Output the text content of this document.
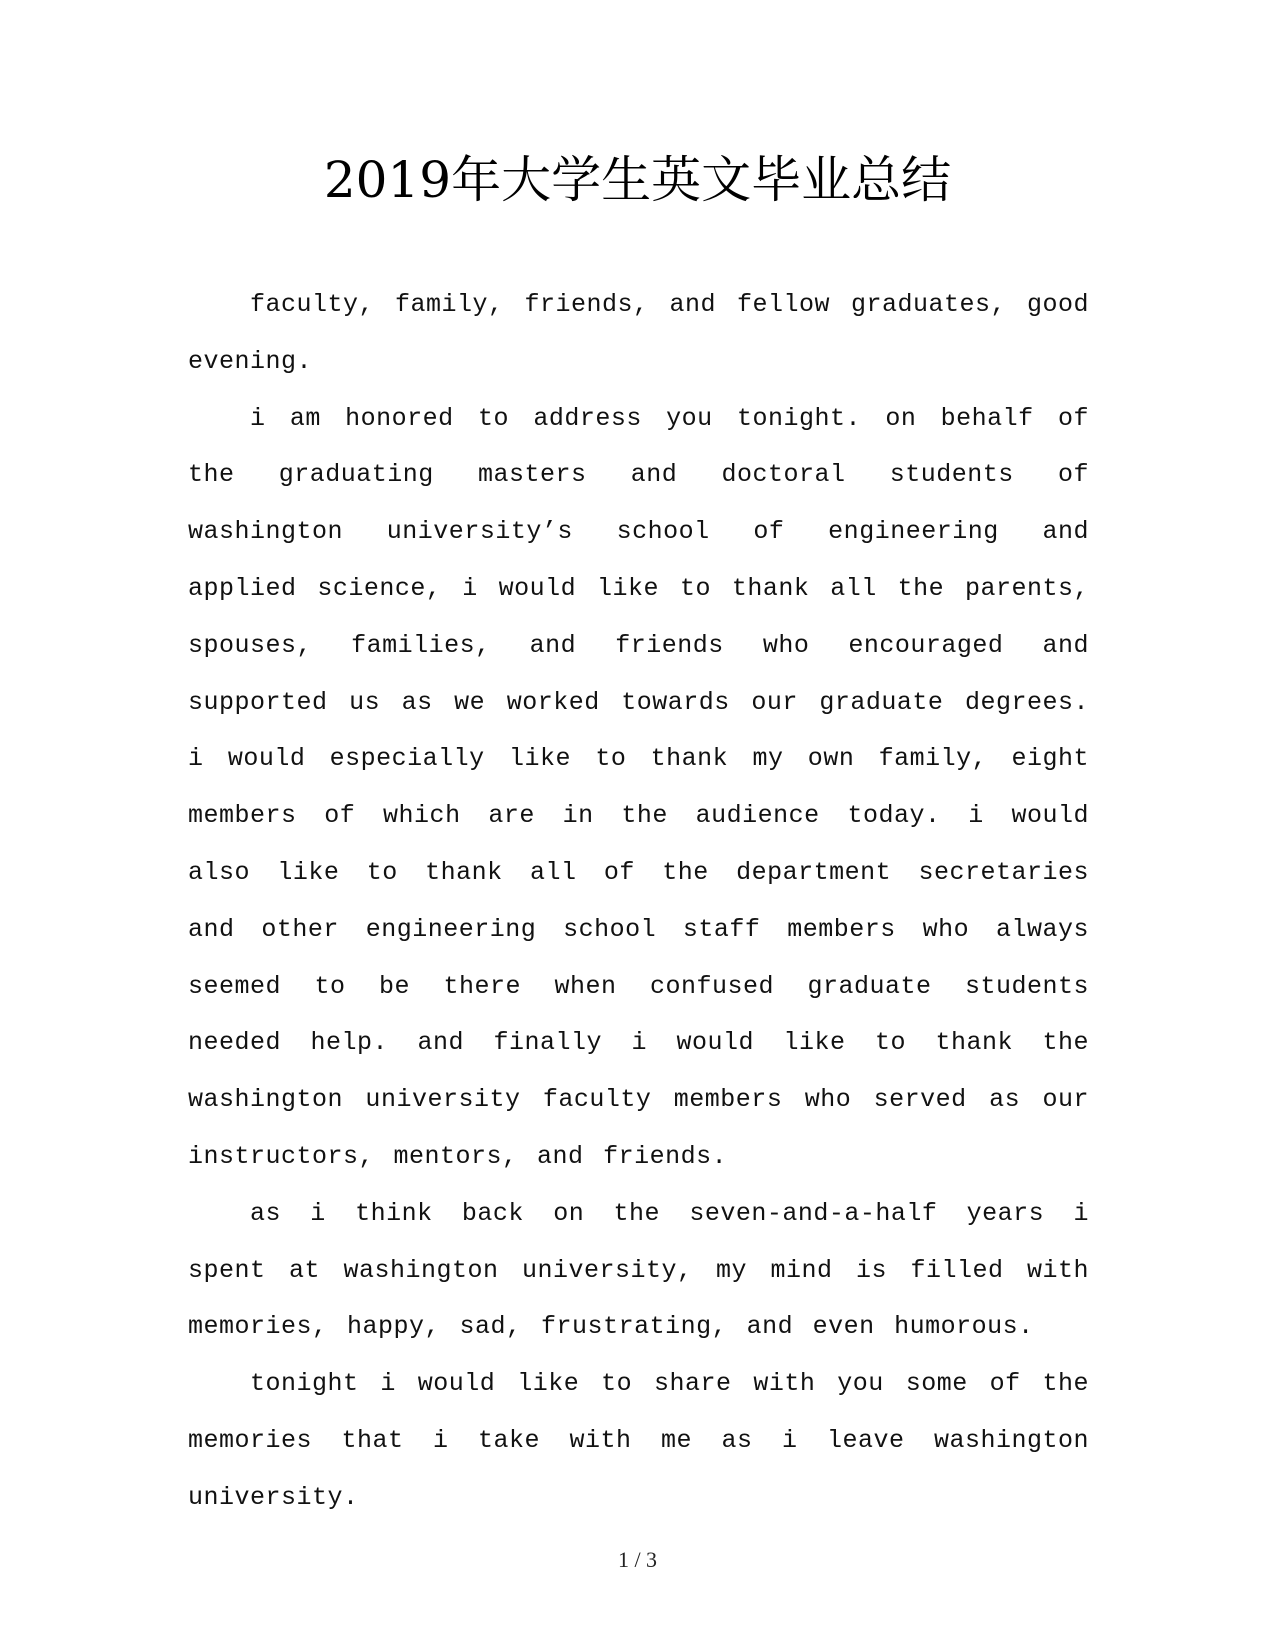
2019年大学生英文毕业总结

faculty, family, friends, and fellow graduates, good evening.

i am honored to address you tonight. on behalf of the graduating masters and doctoral students of washington university’s school of engineering and applied science, i would like to thank all the parents, spouses, families, and friends who encouraged and supported us as we worked towards our graduate degrees. i would especially like to thank my own family, eight members of which are in the audience today. i would also like to thank all of the department secretaries and other engineering school staff members who always seemed to be there when confused graduate students needed help. and finally i would like to thank the washington university faculty members who served as our instructors, mentors, and friends.

as i think back on the seven-and-a-half years i spent at washington university, my mind is filled with memories, happy, sad, frustrating, and even humorous.

tonight i would like to share with you some of the memories that i take with me as i leave washington university.

1 / 3
